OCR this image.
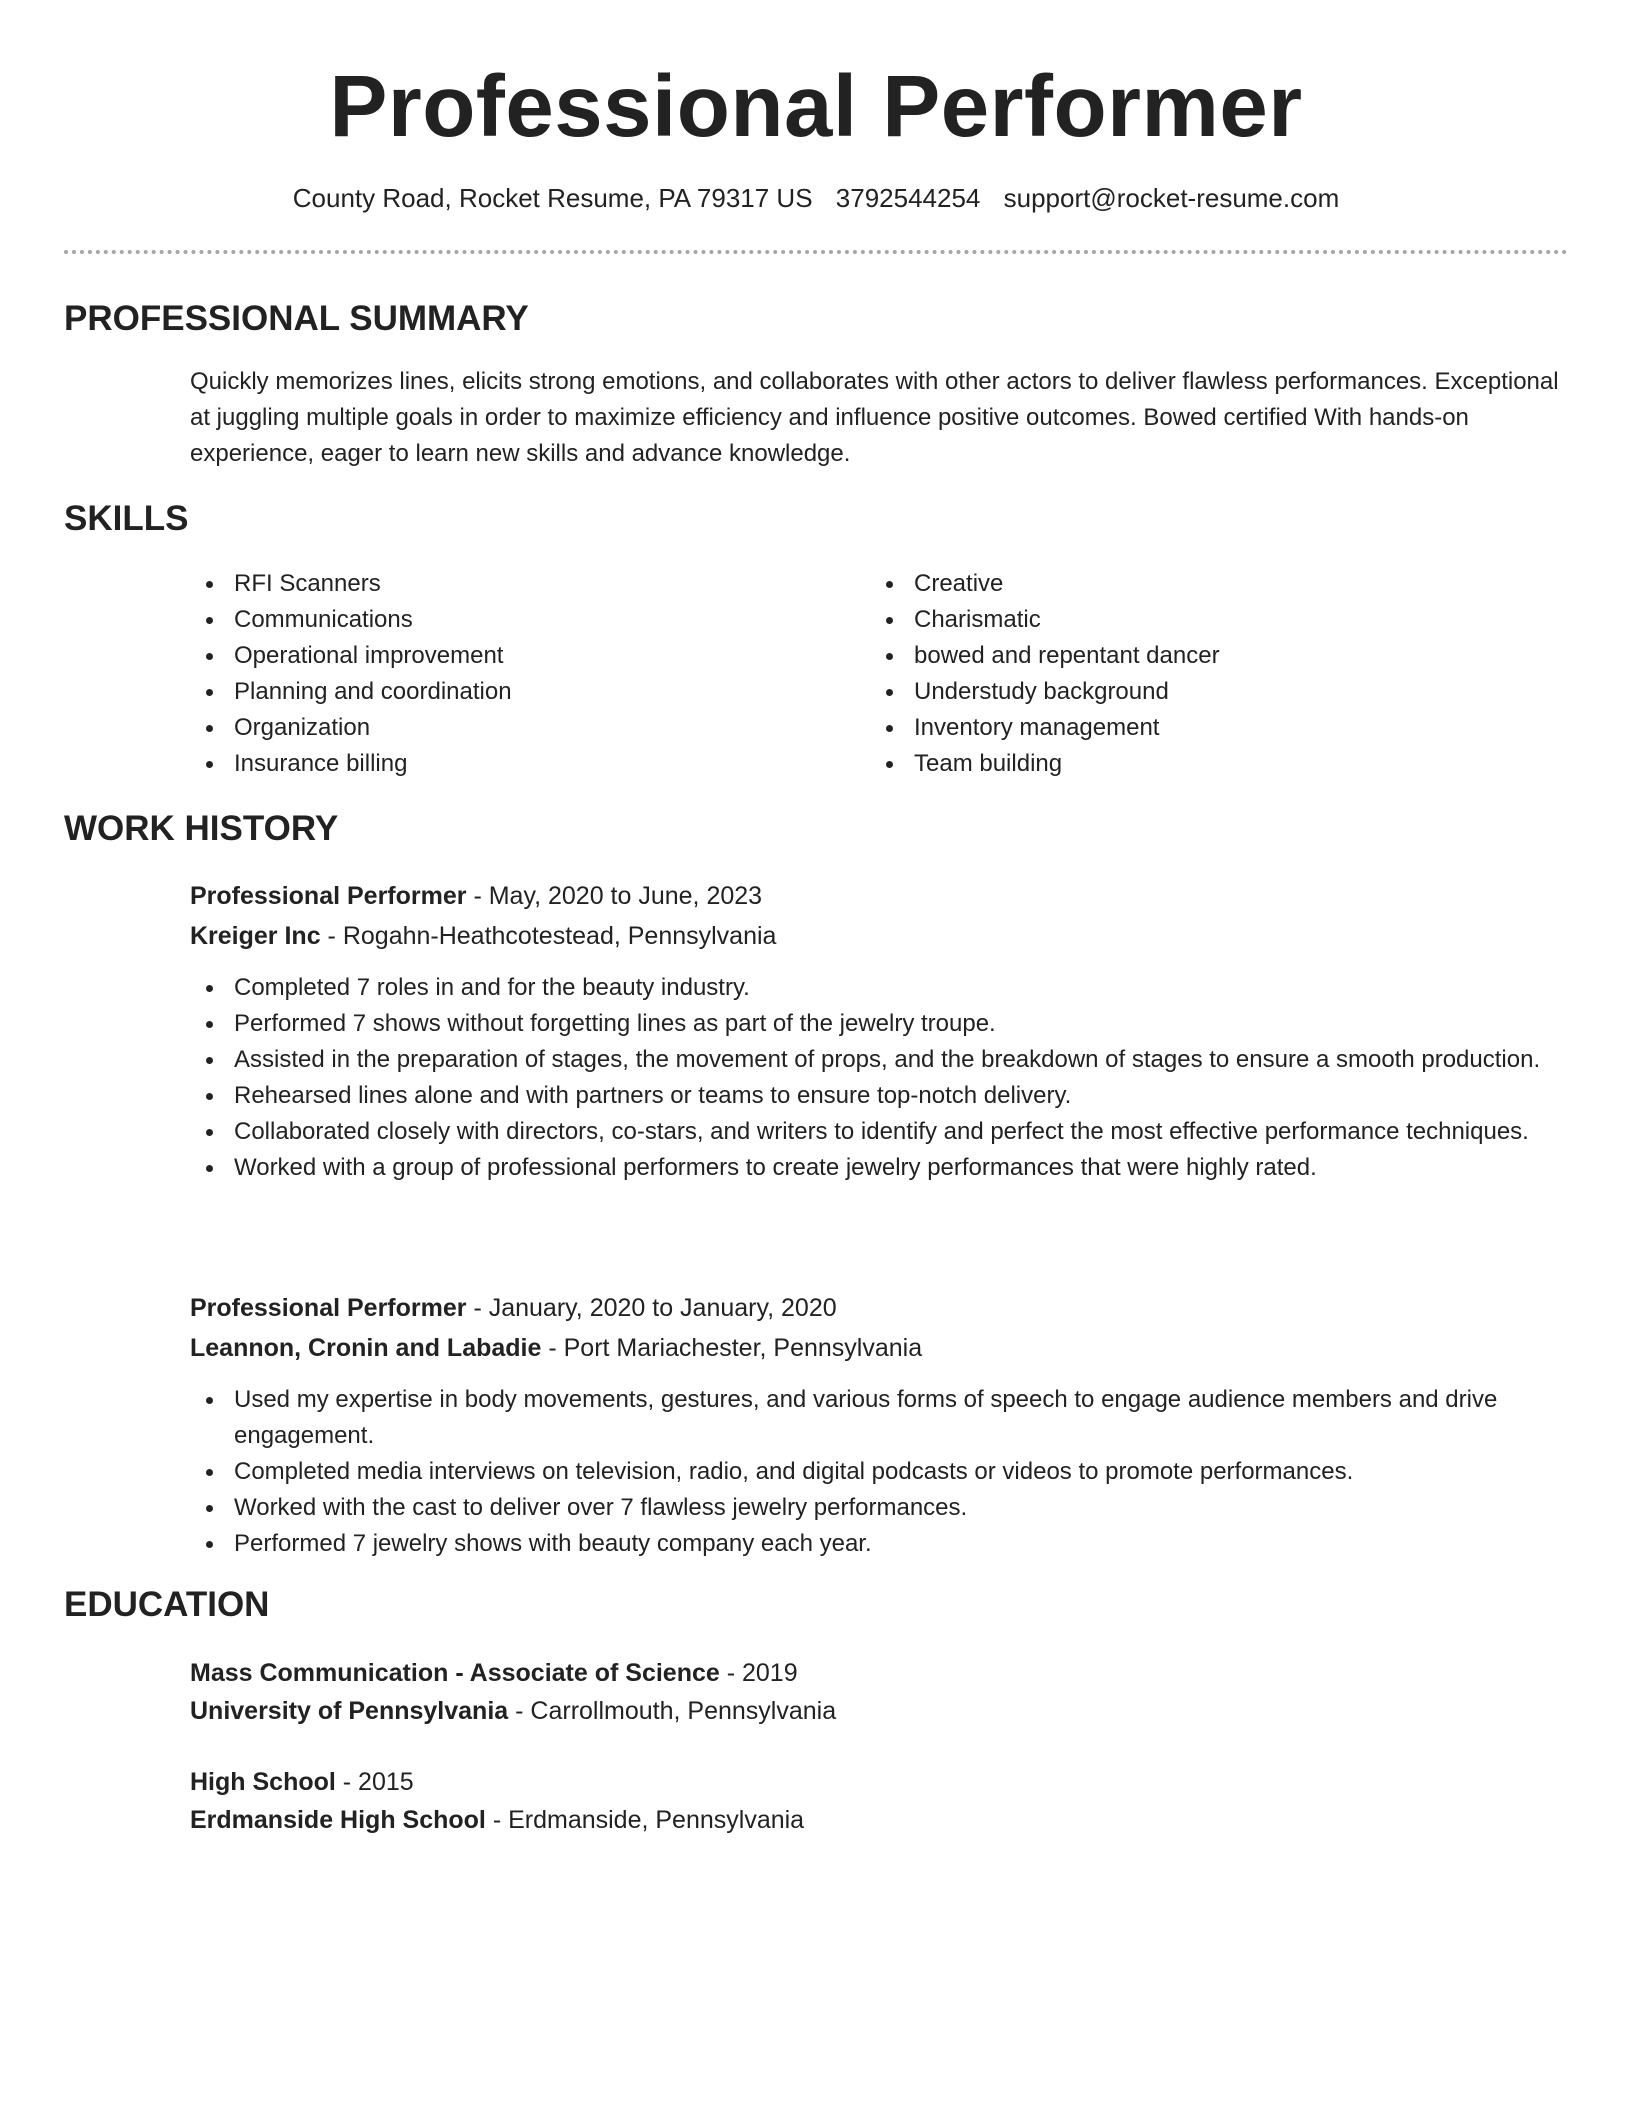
Professional Performer
County Road, Rocket Resume, PA 79317 US 3792544254 support@rocket-resume.com
PROFESSIONAL SUMMARY

Quickly memorizes lines, elicits strong emotions, and collaborates with other actors to deliver flawless performances. Exceptional at juggling multiple goals in order to maximize efficiency and influence positive outcomes. Bowed certified With hands-on experience, eager to learn new skills and advance knowledge.

SKILLS
RFI Scanners
Communications
Operational improvement
Planning and coordination
Organization
Insurance billing
Creative
Charismatic
bowed and repentant dancer
Understudy background
Inventory management
Team building
WORK HISTORY
Professional Performer - May, 2020 to June, 2023
Kreiger Inc - Rogahn-Heathcotestead, Pennsylvania
Completed 7 roles in and for the beauty industry.
Performed 7 shows without forgetting lines as part of the jewelry troupe.
Assisted in the preparation of stages, the movement of props, and the breakdown of stages to ensure a smooth production.
Rehearsed lines alone and with partners or teams to ensure top-notch delivery.
Collaborated closely with directors, co-stars, and writers to identify and perfect the most effective performance techniques.
Worked with a group of professional performers to create jewelry performances that were highly rated.
Professional Performer - January, 2020 to January, 2020
Leannon, Cronin and Labadie - Port Mariachester, Pennsylvania
Used my expertise in body movements, gestures, and various forms of speech to engage audience members and drive engagement.
Completed media interviews on television, radio, and digital podcasts or videos to promote performances.
Worked with the cast to deliver over 7 flawless jewelry performances.
Performed 7 jewelry shows with beauty company each year.
EDUCATION
Mass Communication - Associate of Science - 2019
University of Pennsylvania - Carrollmouth, Pennsylvania
High School - 2015
Erdmanside High School - Erdmanside, Pennsylvania
